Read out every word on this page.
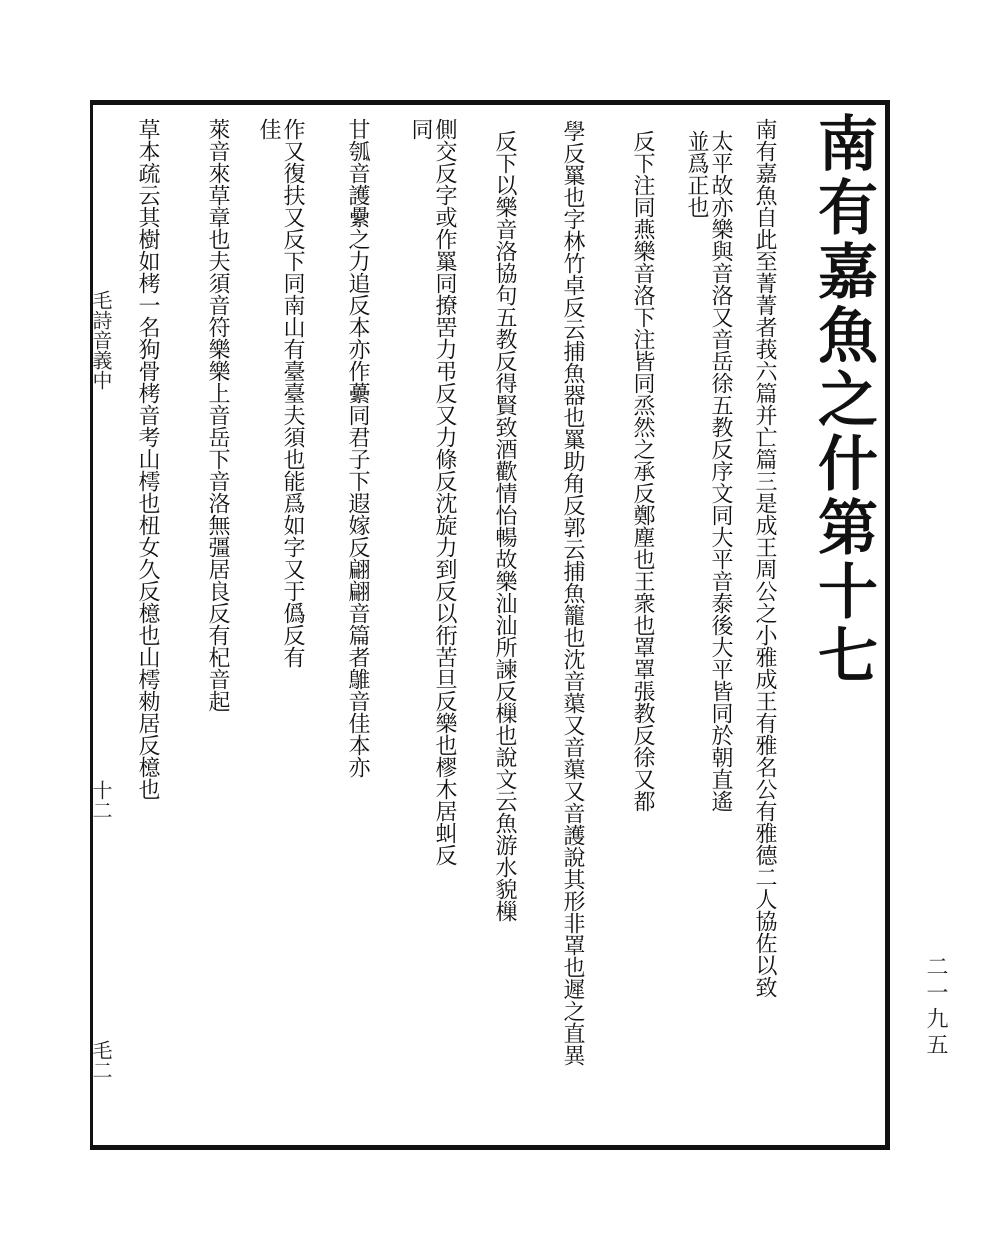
毛詩音義中
十二
毛二
二一九五
南有嘉魚之什第十七
南有嘉魚自此至菁菁者莪六篇并亡篇三是成王周公之小雅成王有雅名公有雅德二人協佐以致
太平故亦樂與音洛又音岳徐五教反序文同大平音泰後大平皆同於朝直遙
並爲正也
反下注同燕樂音洛下注皆同烝然之承反鄭塵也王衆也罩罩張教反徐又都
學反罺也字林竹卓反云捕魚器也罺助角反郭云捕魚籠也沈音蕖又音蕖又音護說其形非罩也遲之直異
反下以樂音洛協句五教反得賢致酒歡情怡暢故樂汕汕所諫反樔也說文云魚游水貌樔
側交反字或作罺同撩罟力弔反又力條反沈旋力到反以衎苦旦反樂也樛木居虯反
同
甘瓠音護纍之力追反本亦作虆同君子下遐嫁反翩翩音篇者鵻音佳本亦
作又復扶又反下同南山有臺臺夫須也能爲如字又于僞反有
佳
萊音來草章也夫須音符樂樂上音岳下音洛無彊居良反有杞音起
草本疏云其樹如栲一名狗骨栲音考山樗也杻女久反檍也山樗勑居反檍也
